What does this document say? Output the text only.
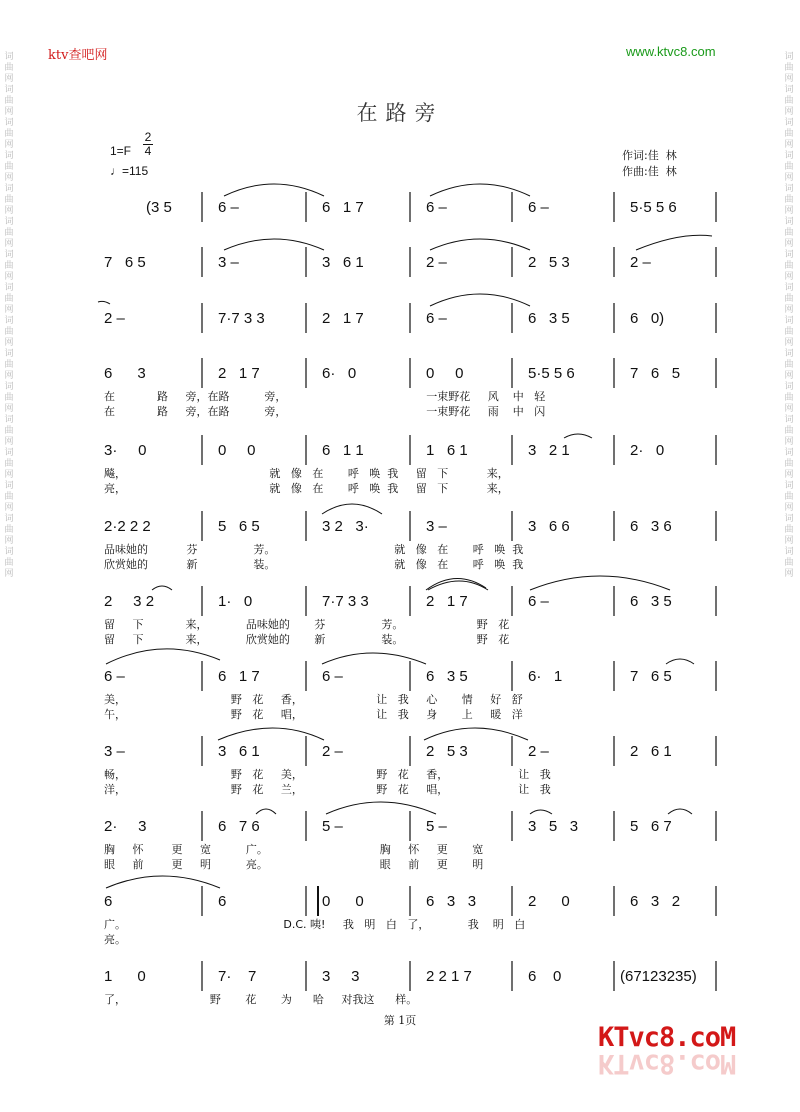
词曲网词曲网词曲网词曲网词曲网词曲网词曲网词曲网词曲网词曲网词曲网词曲网词曲网词曲网词曲网词曲网
词曲网词曲网词曲网词曲网词曲网词曲网词曲网词曲网词曲网词曲网词曲网词曲网词曲网词曲网词曲网词曲网
ktv查吧网	www.ktvc8.com
在路旁
1=F
2
4
♩=115
作词:佳  林
作曲:佳  林
(3 5	6 –	6   1 7	6 –	6 –	5·5 5 6
7   6 5	3 –	3   6 1	2 –	2   5 3	2 –
2 –	7·7 3 3	2   1 7	6 –	6   3 5	6   0)
6      3	2   1 7	6·   0	0     0	5·5 5 6	7   6   5
在            路     旁，在路          旁，                                        一束野花     风    中   轻
在            路     旁，在路          旁，                                        一束野花     雨    中   闪
3·     0	0     0	6   1 1	1   6 1	3   2 1	2·   0
飚，                                         就   像   在       呼   唤  我     留   下           来，
亮，                                         就   像   在       呼   唤  我     留   下           来，
2·2 2 2	5   6 5	3 2   3·	3 –	3   6 6	6   3 6
品味她的           芬                芳。                                  就   像   在       呼   唤  我
欣赏她的           新                装。                                  就   像   在       呼   唤  我
2     3 2	1·   0	7·7 3 3	2   1 7	6 –	6   3 5
留     下            来，           品味她的       芬                芳。                     野   花
留     下            来，           欣赏她的       新                装。                     野   花
6 –	6   1 7	6 –	6   3 5	6·   1	7   6 5
美，                              野   花     香，                     让   我     心       情     好   舒
午，                              野   花     唱，                     让   我     身       上     暖   洋
3 –	3   6 1	2 –	2   5 3	2 –	2   6 1
畅，                              野   花     美，                     野   花     香，                    让   我
洋，                              野   花     兰，                     野   花     唱，                    让   我
2·     3	6   7 6	5 –	5 –	3   5   3	5   6 7
胸     怀        更     宽          广。                                胸     怀     更       宽
眼     前        更     明          亮。                                眼     前     更       明
6	6	0      0	6   3   3	2      0	6   3   2
广。                                             D.C. 咦!     我   明   白   了，           我    明   白
亮。
1      0	7·    7	3     3	2 2 1 7	6    0	(67123235)
了，                        野       花       为      哈     对我这      样。
第 1页
KTvc8.coM
KTvc8.coM
